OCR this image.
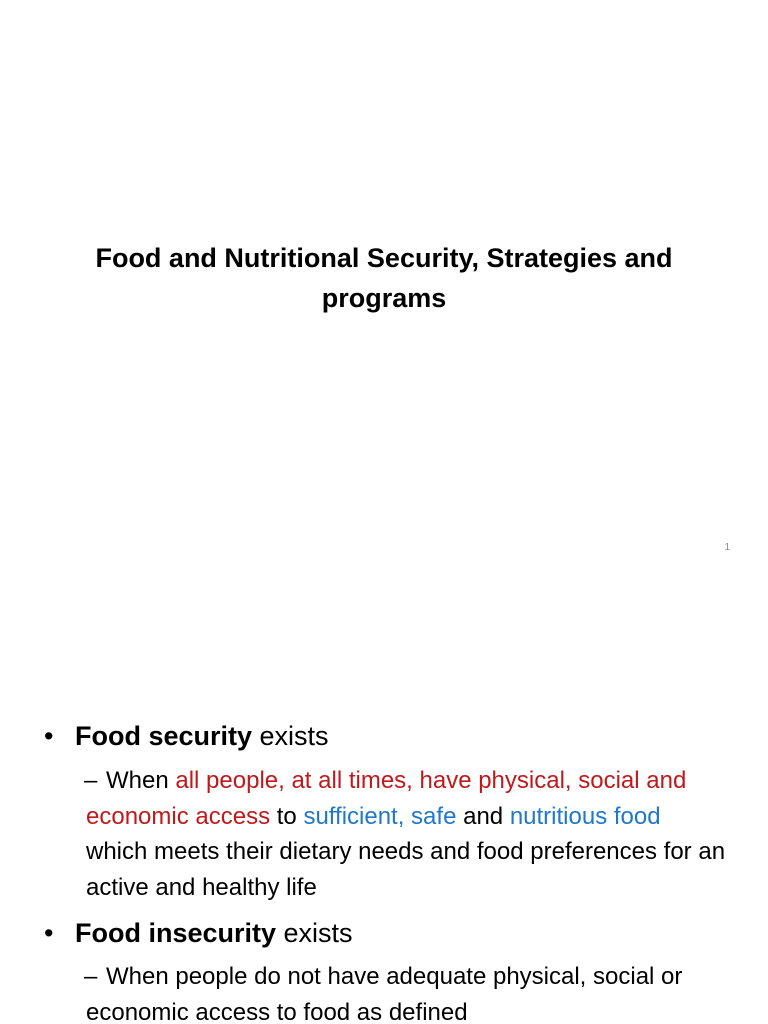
Food and Nutritional Security, Strategies and programs
1
• Food security exists
– When all people, at all times, have physical, social and economic access to sufficient, safe and nutritious food which meets their dietary needs and food preferences for an active and healthy life
• Food insecurity exists
– When people do not have adequate physical, social or economic access to food as defined
